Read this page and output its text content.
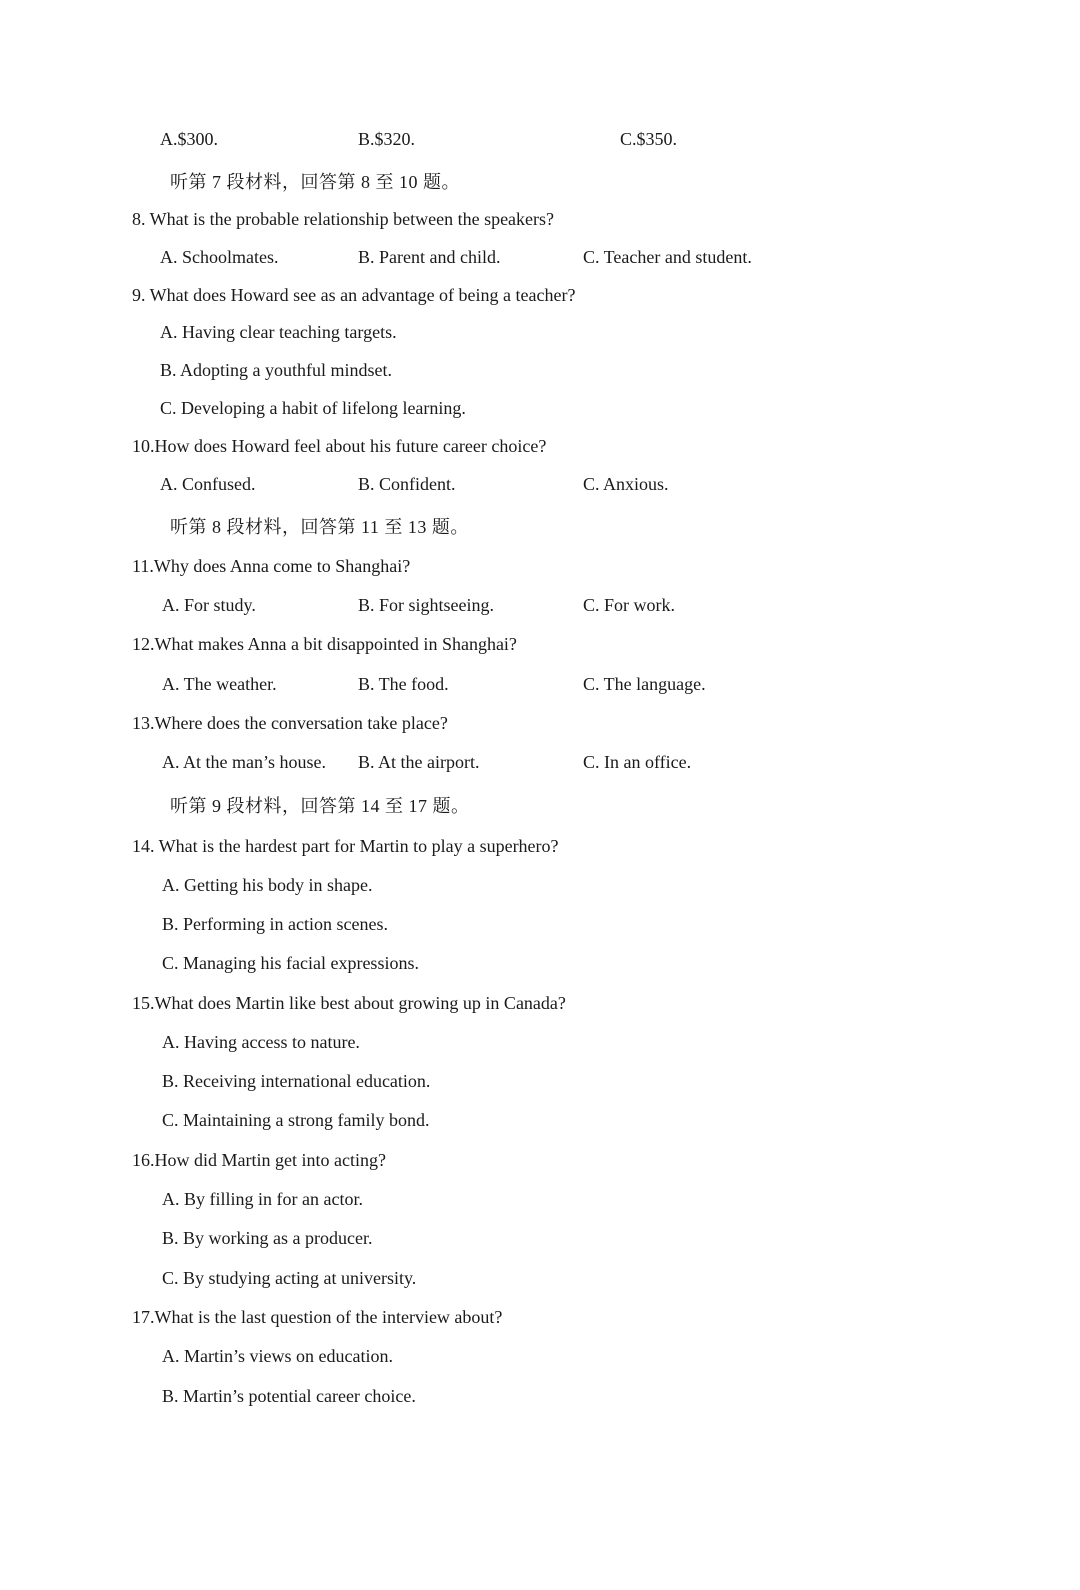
A.$300.	B.$320.	C.$350.
听第 7 段材料，回答第 8 至 10 题。
8. What is the probable relationship between the speakers?
A. Schoolmates.	B. Parent and child.	C. Teacher and student.
9. What does Howard see as an advantage of being a teacher?
A. Having clear teaching targets.
B. Adopting a youthful mindset.
C. Developing a habit of lifelong learning.
10.How does Howard feel about his future career choice?
A. Confused.	B. Confident.	C. Anxious.
听第 8 段材料，回答第 11 至 13 题。
11.Why does Anna come to Shanghai?
A. For study.	B. For sightseeing.	C. For work.
12.What makes Anna a bit disappointed in Shanghai?
A. The weather.	B. The food.	C. The language.
13.Where does the conversation take place?
A. At the man’s house. B. At the airport.	C. In an office.
听第 9 段材料，回答第 14 至 17 题。
14. What is the hardest part for Martin to play a superhero?
A. Getting his body in shape.
B. Performing in action scenes.
C. Managing his facial expressions.
15.What does Martin like best about growing up in Canada?
A. Having access to nature.
B. Receiving international education.
C. Maintaining a strong family bond.
16.How did Martin get into acting?
A. By filling in for an actor.
B. By working as a producer.
C. By studying acting at university.
17.What is the last question of the interview about?
A. Martin’s views on education.
B. Martin’s potential career choice.
